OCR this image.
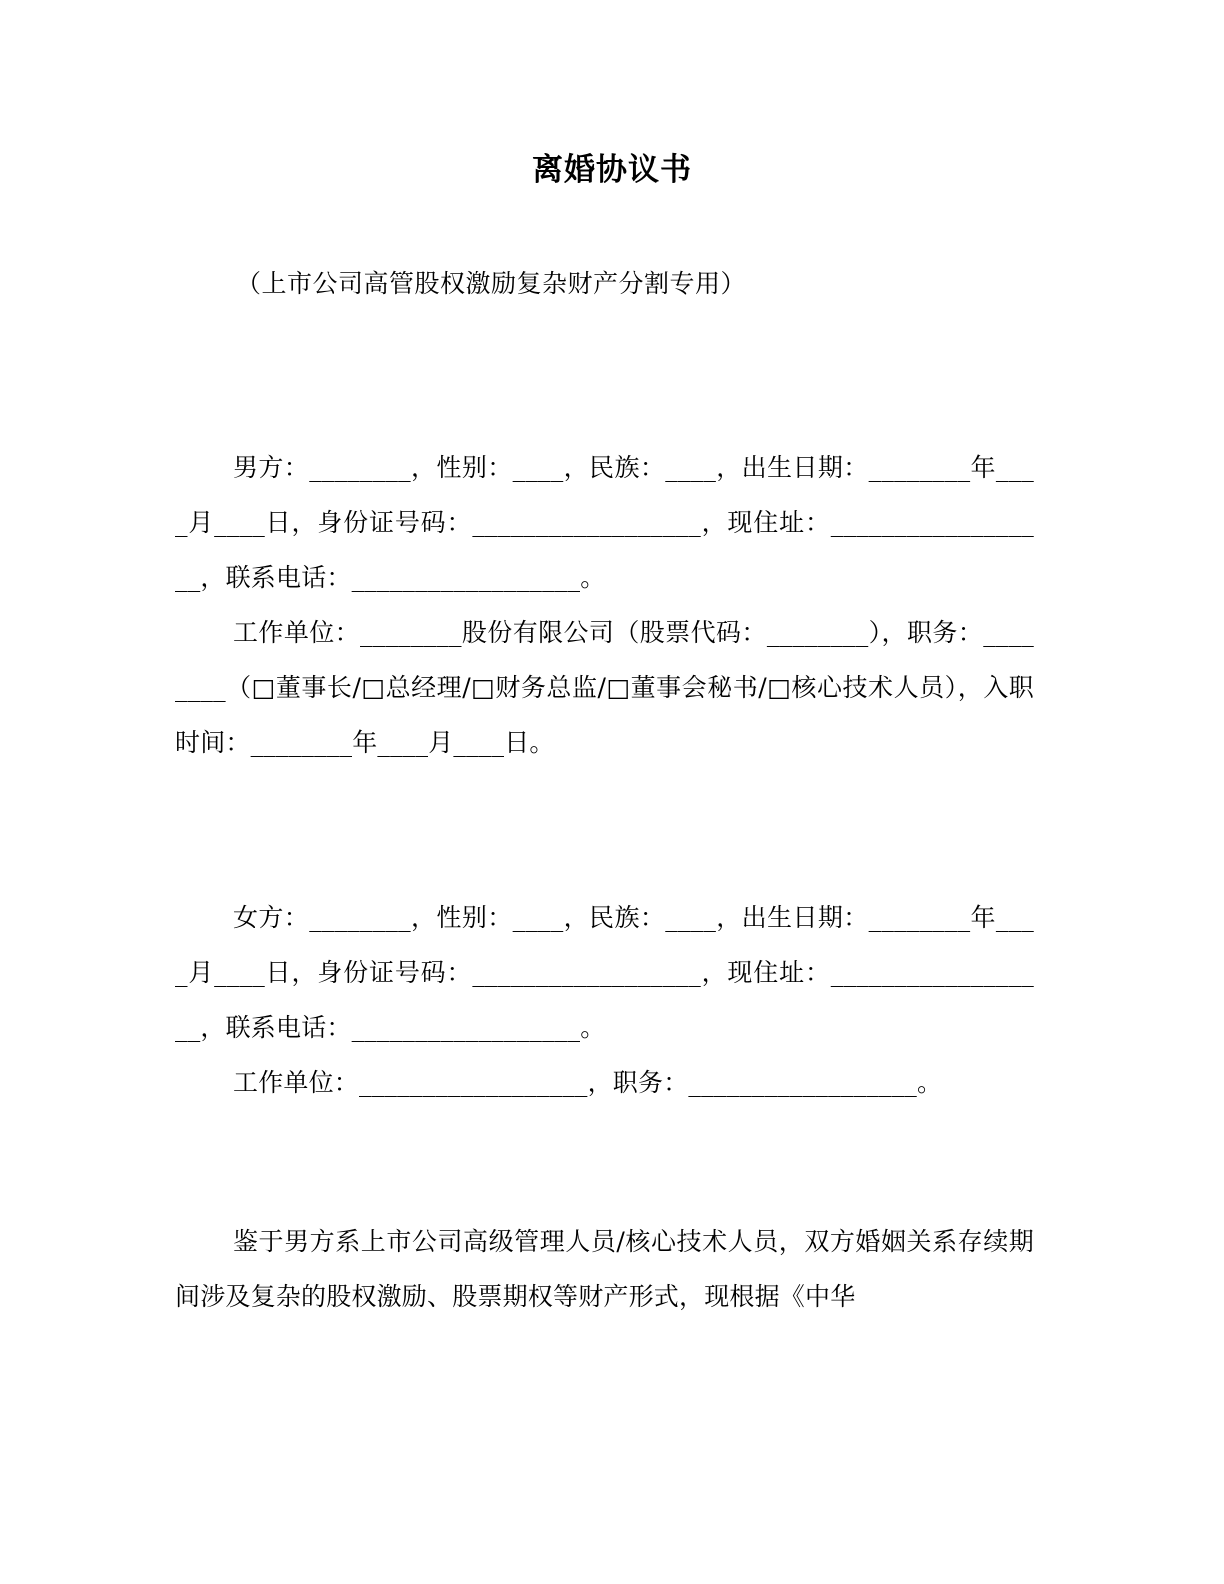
离婚协议书
（上市公司高管股权激励复杂财产分割专用）

男方：________，性别：____，民族：____，出生日期：________年____月____日，身份证号码：__________________，现住址：__________________，联系电话：__________________。

工作单位：________股份有限公司（股票代码：________），职务：________（□董事长/□总经理/□财务总监/□董事会秘书/□核心技术人员），入职时间：________年____月____日。

女方：________，性别：____，民族：____，出生日期：________年____月____日，身份证号码：__________________，现住址：__________________，联系电话：__________________。

工作单位：__________________，职务：__________________。

鉴于男方系上市公司高级管理人员/核心技术人员，双方婚姻关系存续期间涉及复杂的股权激励、股票期权等财产形式，现根据《中华
